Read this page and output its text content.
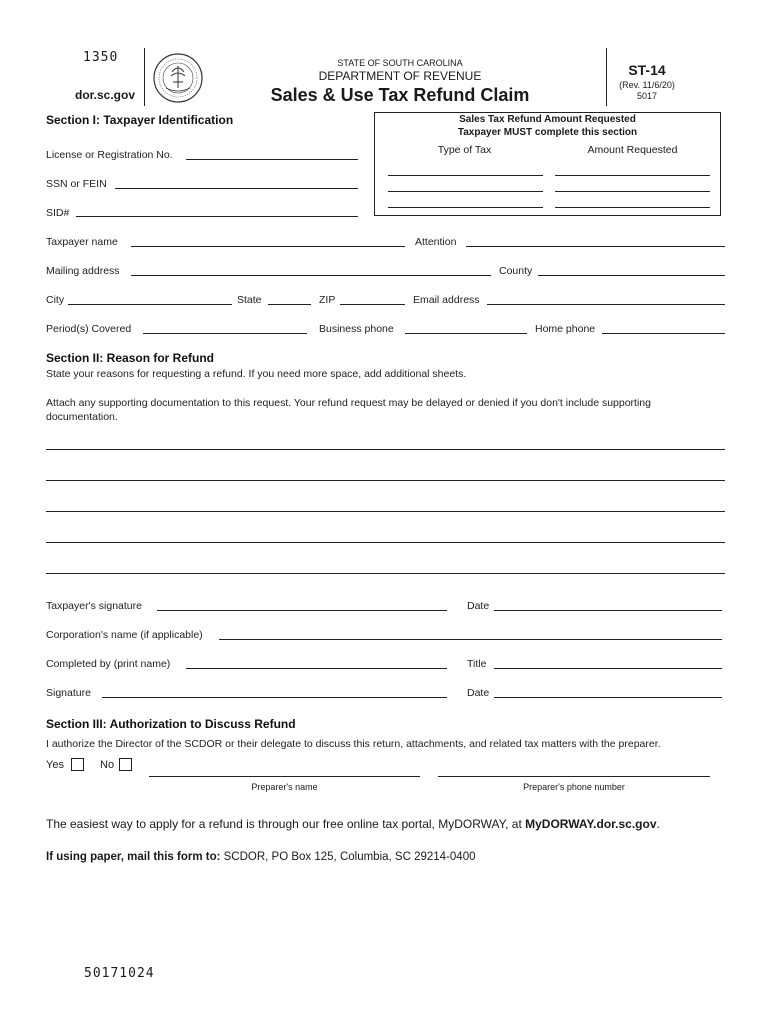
1350
dor.sc.gov
STATE OF SOUTH CAROLINA
DEPARTMENT OF REVENUE
Sales & Use Tax Refund Claim
ST-14
(Rev. 11/6/20)
5017
Section I: Taxpayer Identification
License or Registration No.
SSN or FEIN
SID#
Sales Tax Refund Amount Requested
Taxpayer MUST complete this section
Type of Tax	Amount Requested
Taxpayer name	Attention
Mailing address	County
City	State	ZIP	Email address
Period(s) Covered	Business phone	Home phone
Section II: Reason for Refund
State your reasons for requesting a refund. If you need more space, add additional sheets.
Attach any supporting documentation to this request. Your refund request may be delayed or denied if you don't include supporting
documentation.
Taxpayer's signature	Date
Corporation's name (if applicable)
Completed by (print name)	Title
Signature	Date
Section III: Authorization to Discuss Refund
I authorize the Director of the SCDOR or their delegate to discuss this return, attachments, and related tax matters with the preparer.
Yes	No
Preparer's name	Preparer's phone number
The easiest way to apply for a refund is through our free online tax portal, MyDORWAY, at MyDORWAY.dor.sc.gov.
If using paper, mail this form to: SCDOR, PO Box 125, Columbia, SC 29214-0400
50171024
